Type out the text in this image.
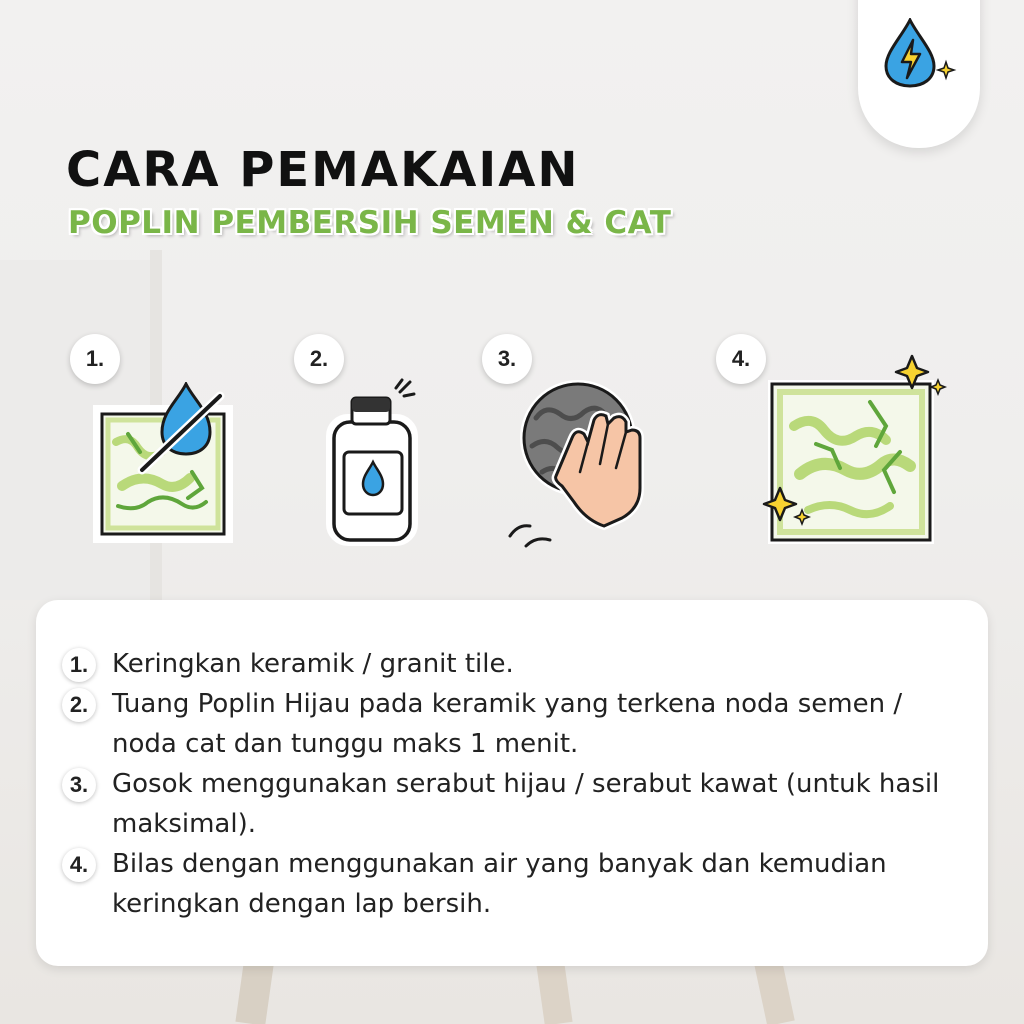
CARA PEMAKAIAN
POPLIN PEMBERSIH SEMEN & CAT
1.	2.	3.	4.
1. Keringkan keramik / granit tile.
2. Tuang Poplin Hijau pada keramik yang terkena noda semen / noda cat dan tunggu maks 1 menit.
3. Gosok menggunakan serabut hijau / serabut kawat (untuk hasil maksimal).
4. Bilas dengan menggunakan air yang banyak dan kemudian keringkan dengan lap bersih.
